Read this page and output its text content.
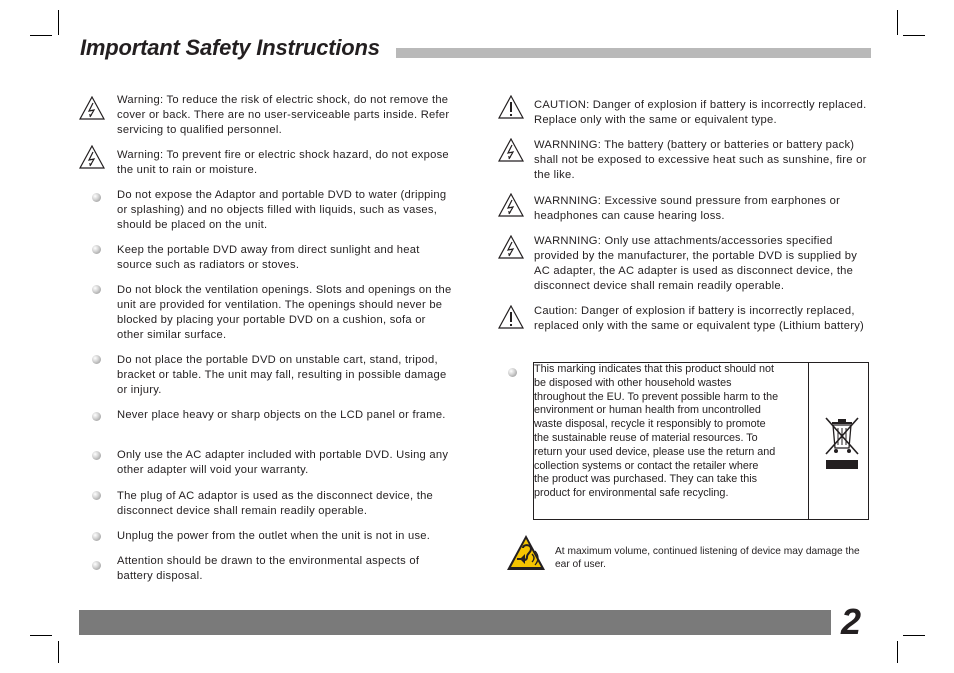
Important Safety Instructions
Warning: To reduce the risk of electric shock, do not remove the cover or back. There are no user-serviceable parts inside. Refer servicing to qualified personnel.
Warning: To prevent fire or electric shock hazard, do not expose the unit to rain or moisture.
Do not expose the Adaptor and portable DVD to water (dripping or splashing) and no objects filled with liquids, such as vases, should be placed on the unit.
Keep the portable DVD away from direct sunlight and heat source such as radiators or stoves.
Do not block the ventilation openings. Slots and openings on the unit are provided for ventilation. The openings should never be blocked by placing your portable DVD on a cushion, sofa or other similar surface.
Do not place the portable DVD on unstable cart, stand, tripod, bracket or table. The unit may fall, resulting in possible damage or injury.
Never place heavy or sharp objects on the LCD panel or frame.
Only use the AC adapter included with portable DVD. Using any other adapter will void your warranty.
The plug of AC adaptor is used as the disconnect device, the disconnect device shall remain readily operable.
Unplug the power from the outlet when the unit is not in use.
Attention should be drawn to the environmental aspects of battery disposal.
CAUTION: Danger of explosion if battery is incorrectly replaced. Replace only with the same or equivalent type.
WARNNING: The battery (battery or batteries or battery pack) shall not be exposed to excessive heat such as sunshine, fire or the like.
WARNNING: Excessive sound pressure from earphones or headphones can cause hearing loss.
WARNNING: Only use attachments/accessories specified provided by the manufacturer, the portable DVD is supplied by AC adapter, the AC adapter is used as disconnect device, the disconnect device shall remain readily operable.
Caution: Danger of explosion if battery is incorrectly replaced, replaced only with the same or equivalent type (Lithium battery)
This marking indicates that this product should not
be disposed with other household wastes
throughout the EU. To prevent possible harm to the
environment or human health from uncontrolled
waste disposal, recycle it responsibly to promote
the sustainable reuse of material resources. To
return your used device, please use the return and
collection systems or contact the retailer where
the product was purchased. They can take this
product for environmental safe recycling.
At maximum volume, continued listening of device may damage the ear of user.
2
